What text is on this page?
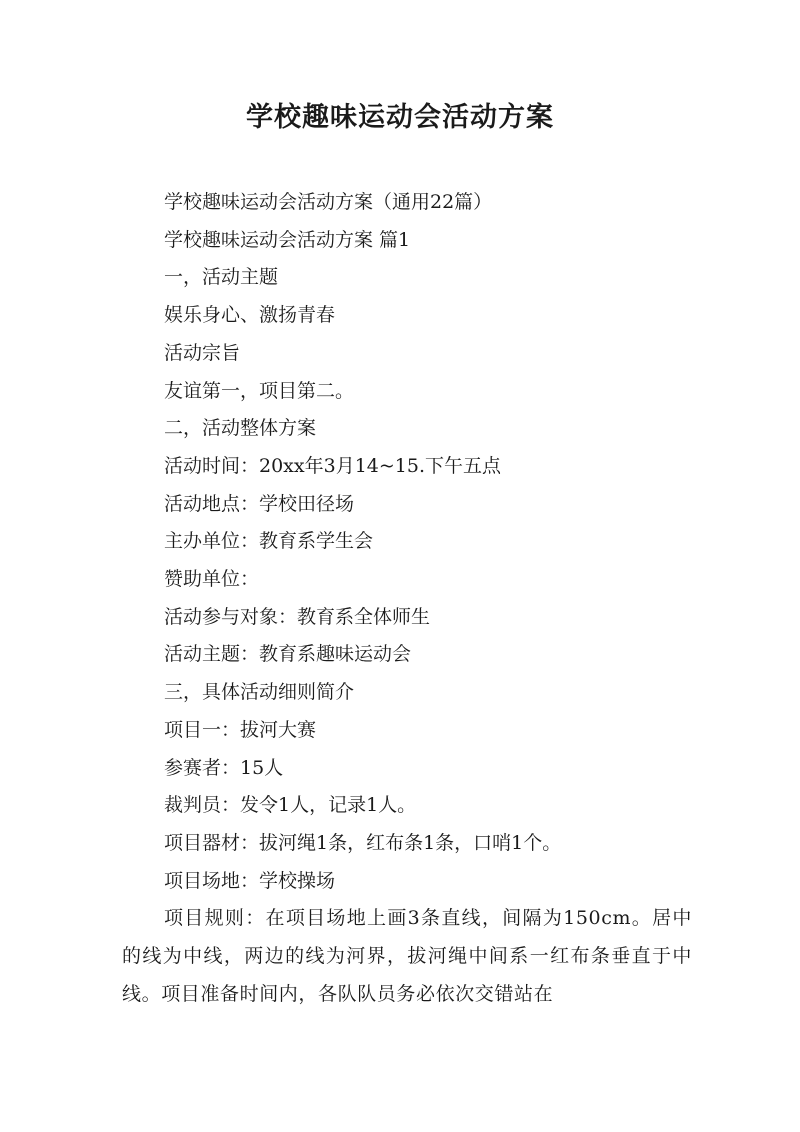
学校趣味运动会活动方案

学校趣味运动会活动方案（通用22篇）

学校趣味运动会活动方案 篇1

一，活动主题

娱乐身心、激扬青春

活动宗旨

友谊第一，项目第二。

二，活动整体方案

活动时间：20xx年3月14~15.下午五点

活动地点：学校田径场

主办单位：教育系学生会

赞助单位：

活动参与对象：教育系全体师生

活动主题：教育系趣味运动会

三，具体活动细则简介

项目一：拔河大赛

参赛者：15人

裁判员：发令1人，记录1人。

项目器材：拔河绳1条，红布条1条，口哨1个。

项目场地：学校操场

项目规则：在项目场地上画3条直线，间隔为150cm。居中的线为中线，两边的线为河界，拔河绳中间系一红布条垂直于中线。项目准备时间内，各队队员务必依次交错站在
